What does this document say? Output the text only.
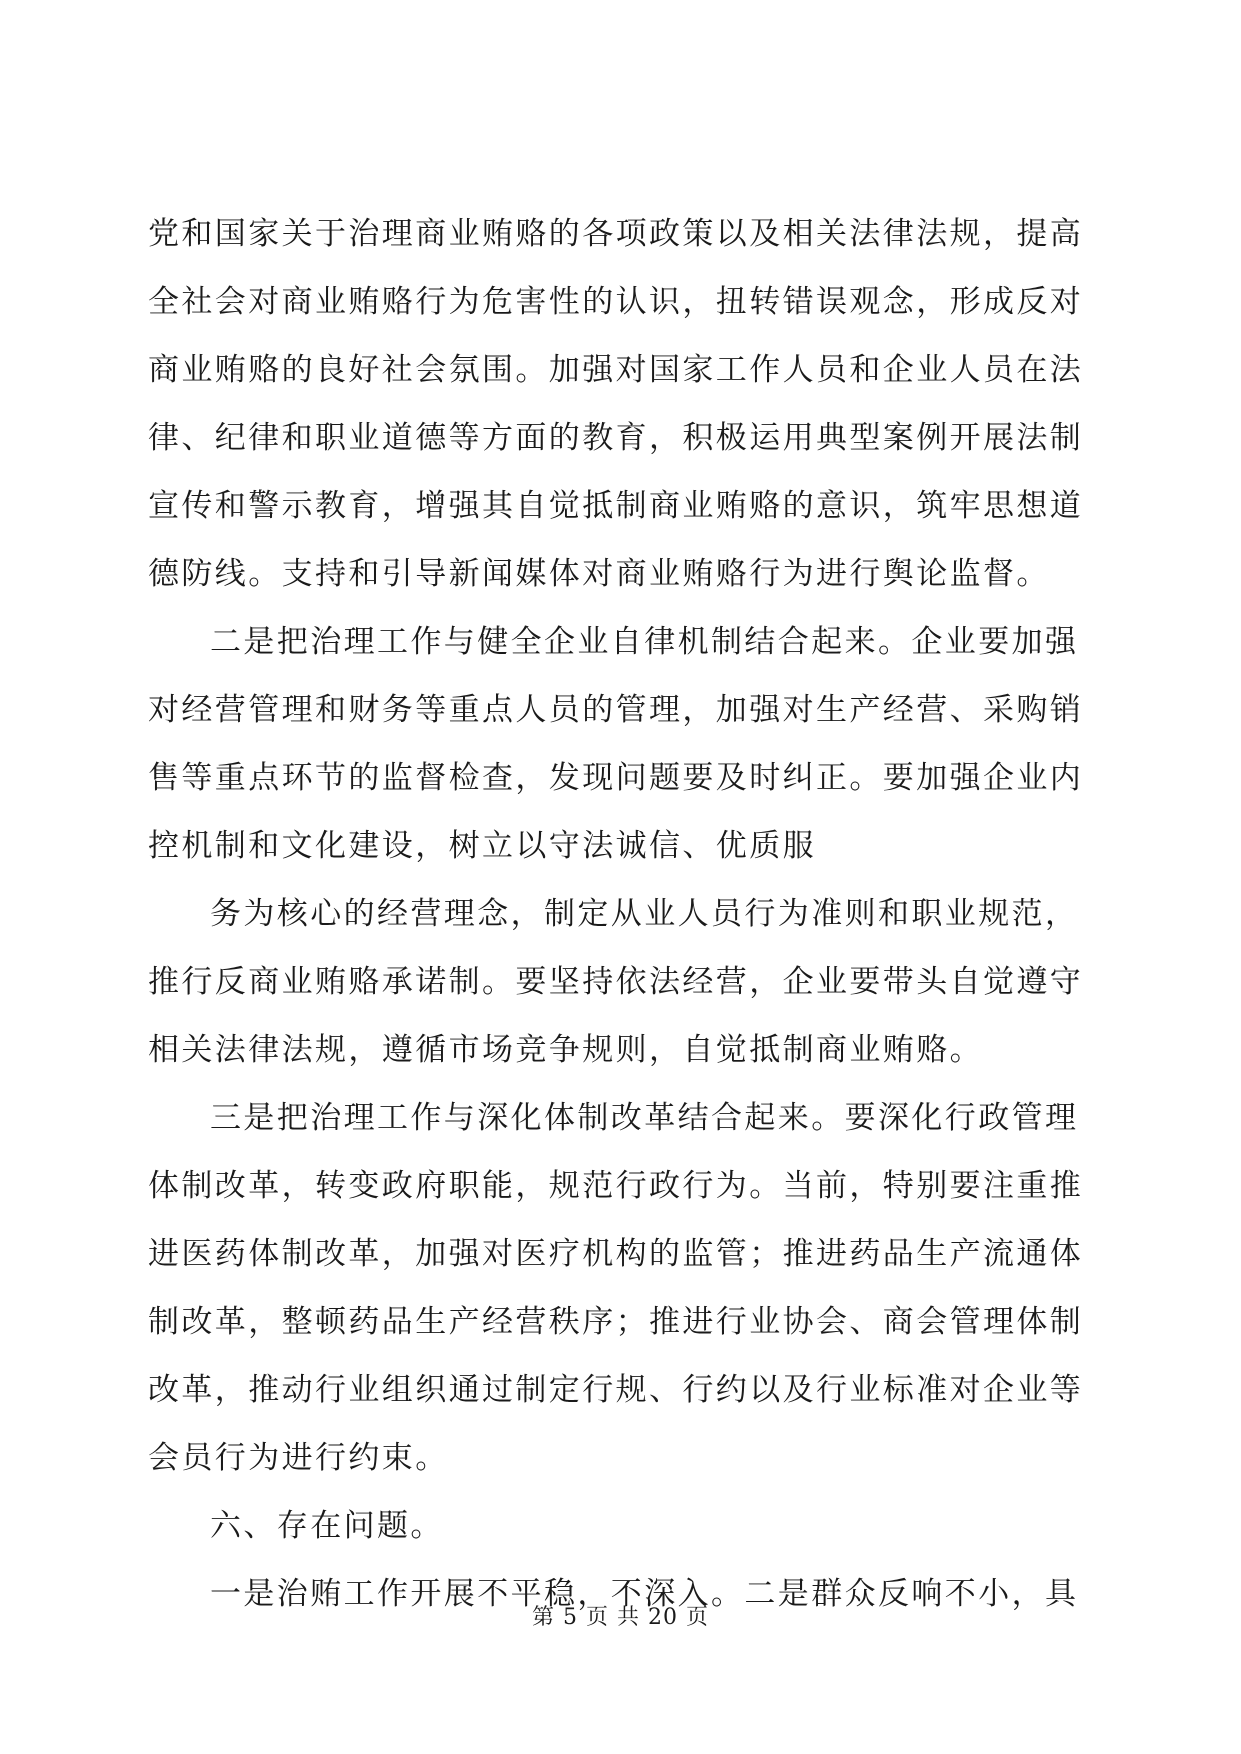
党和国家关于治理商业贿赂的各项政策以及相关法律法规，提高
全社会对商业贿赂行为危害性的认识，扭转错误观念，形成反对
商业贿赂的良好社会氛围。加强对国家工作人员和企业人员在法
律、纪律和职业道德等方面的教育，积极运用典型案例开展法制
宣传和警示教育，增强其自觉抵制商业贿赂的意识，筑牢思想道
德防线。支持和引导新闻媒体对商业贿赂行为进行舆论监督。
二是把治理工作与健全企业自律机制结合起来。企业要加强
对经营管理和财务等重点人员的管理，加强对生产经营、采购销
售等重点环节的监督检查，发现问题要及时纠正。要加强企业内
控机制和文化建设，树立以守法诚信、优质服
务为核心的经营理念，制定从业人员行为准则和职业规范，
推行反商业贿赂承诺制。要坚持依法经营，企业要带头自觉遵守
相关法律法规，遵循市场竞争规则，自觉抵制商业贿赂。
三是把治理工作与深化体制改革结合起来。要深化行政管理
体制改革，转变政府职能，规范行政行为。当前，特别要注重推
进医药体制改革，加强对医疗机构的监管；推进药品生产流通体
制改革，整顿药品生产经营秩序；推进行业协会、商会管理体制
改革，推动行业组织通过制定行规、行约以及行业标准对企业等
会员行为进行约束。
六、存在问题。
一是治贿工作开展不平稳，不深入。二是群众反响不小，具
第 5 页 共 20 页
